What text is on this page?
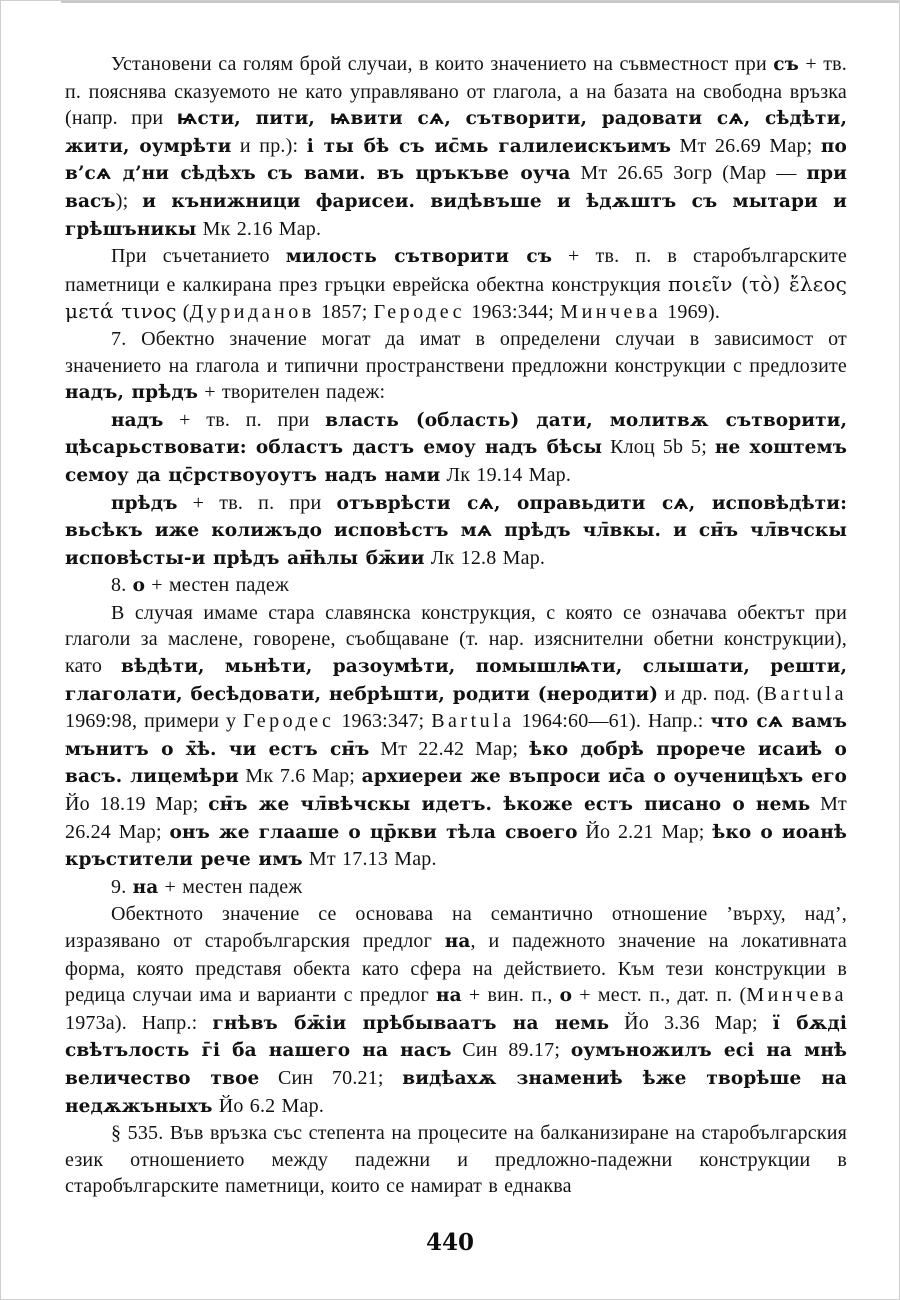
Установени са голям брой случаи, в които значението на съвместност при съ + тв. п. пояснява сказуемото не като управлявано от глагола, а на базата на свободна връзка (напр. при ѩсти, пити, ѩвити сѧ, сътворити, радовати сѧ, сѣдѣти, жити, оумрѣти и пр.): і ты бѣ съ ис̄мь галилеискъимъ Мт 26.69 Мар; по в’сѧ д’ни сѣдѣхъ съ вами. въ цръкъве оуча Мт 26.65 Зогр (Мар — при васъ); и кънижници фарисеи. видѣвъше и ѣдѫштъ съ мытари и грѣшъникы Мк 2.16 Мар.

При съчетанието милость сътворити съ + тв. п. в старобългарските паметници е калкирана през гръцки еврейска обектна конструкция ποιεῖν (τὸ) ἔλεος μετά τινος (Дуриданов 1857; Геродес 1963:344; Минчева 1969).

7. Обектно значение могат да имат в определени случаи в зависимост от значението на глагола и типични пространствени предложни конструкции с предлозите надъ, прѣдъ + творителен падеж:

надъ + тв. п. при власть (область) дати, молитвѫ сътворити, цѣсарьствовати: областъ дастъ емоу надъ бѣсы Клоц 5b 5; не хоштемъ семоу да цс̄рствоуоутъ надъ нами Лк 19.14 Мар.

прѣдъ + тв. п. при отъврѣсти сѧ, оправьдити сѧ, исповѣдѣти: вьсѣкъ иже колижъдо исповѣстъ мѧ прѣдъ чл̄вкы. и сн̄ъ чл̄вчскы исповѣсты-и прѣдъ ан̄ћлы бж̄ии Лк 12.8 Мар.

8. о + местен падеж

В случая имаме стара славянска конструкция, с която се означава обектът при глаголи за маслене, говорене, съобщаване (т. нар. изяснителни обетни конструкции), като вѣдѣти, мьнѣти, разоумѣти, помышлѩти, слышати, решти, глаголати, бесѣдовати, небрѣшти, родити (неродити) и др. под. (Bartula 1969:98, примери у Геродес 1963:347; Bartula 1964:60—61). Напр.: что сѧ вамъ мънитъ о х̄ѣ. чи естъ сн̄ъ Мт 22.42 Мар; ѣко добрѣ прорече исаиѣ о васъ. лицемѣри Мк 7.6 Мар; архиереи же въпроси ис̄а о оученицѣхъ его Йо 18.19 Мар; сн̄ъ же чл̄вѣчскы идетъ. ѣкоже естъ писано о немь Мт 26.24 Мар; онъ же глааше о цр̄кви тѣла своего Йо 2.21 Мар; ѣко о иоанѣ кръстители рече имъ Мт 17.13 Мар.

9. на + местен падеж

Обектното значение се основава на семантично отношение ’върху, над’, изразявано от старобългарския предлог на, и падежното значение на локативната форма, която представя обекта като сфера на действието. Към тези конструкции в редица случаи има и варианти с предлог на + вин. п., о + мест. п., дат. п. (Минчева 1973а). Напр.: гнѣвъ бж̄іи прѣбываатъ на немь Йо 3.36 Мар; ї бѫді свѣтълость г̄і б̄а нашего на насъ Син 89.17; оумъножилъ есі на мнѣ величество твое Син 70.21; видѣахѫ знамениѣ ѣже творѣше на недѫжъныхъ Йо 6.2 Мар.

§ 535. Във връзка със степента на процесите на балканизиране на старобългарския език отношението между падежни и предложно-падежни конструкции в старобългарските паметници, които се намират в еднаква

440
